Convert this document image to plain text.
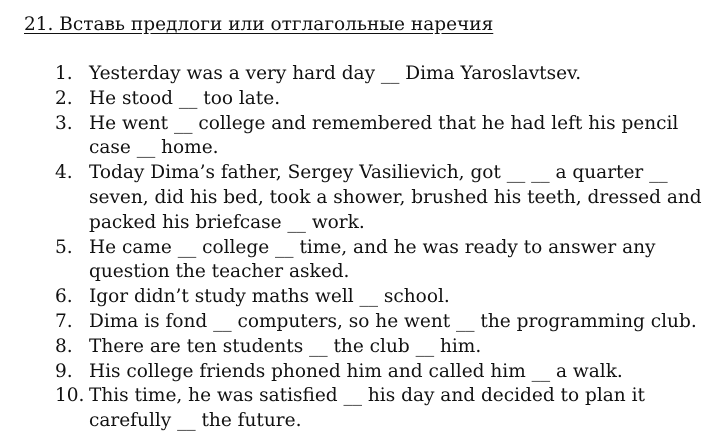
21. Вставь предлоги или отглагольные наречия
1. Yesterday was a very hard day __ Dima Yaroslavtsev.
2. He stood __ too late.
3. He went __ college and remembered that he had left his pencil case __ home.
4. Today Dima’s father, Sergey Vasilievich, got __ __ a quarter __ seven, did his bed, took a shower, brushed his teeth, dressed and packed his briefcase __ work.
5. He came __ college __ time, and he was ready to answer any question the teacher asked.
6. Igor didn’t study maths well __ school.
7. Dima is fond __ computers, so he went __ the programming club.
8. There are ten students __ the club __ him.
9. His college friends phoned him and called him __ a walk.
10. This time, he was satisfied __ his day and decided to plan it carefully __ the future.
